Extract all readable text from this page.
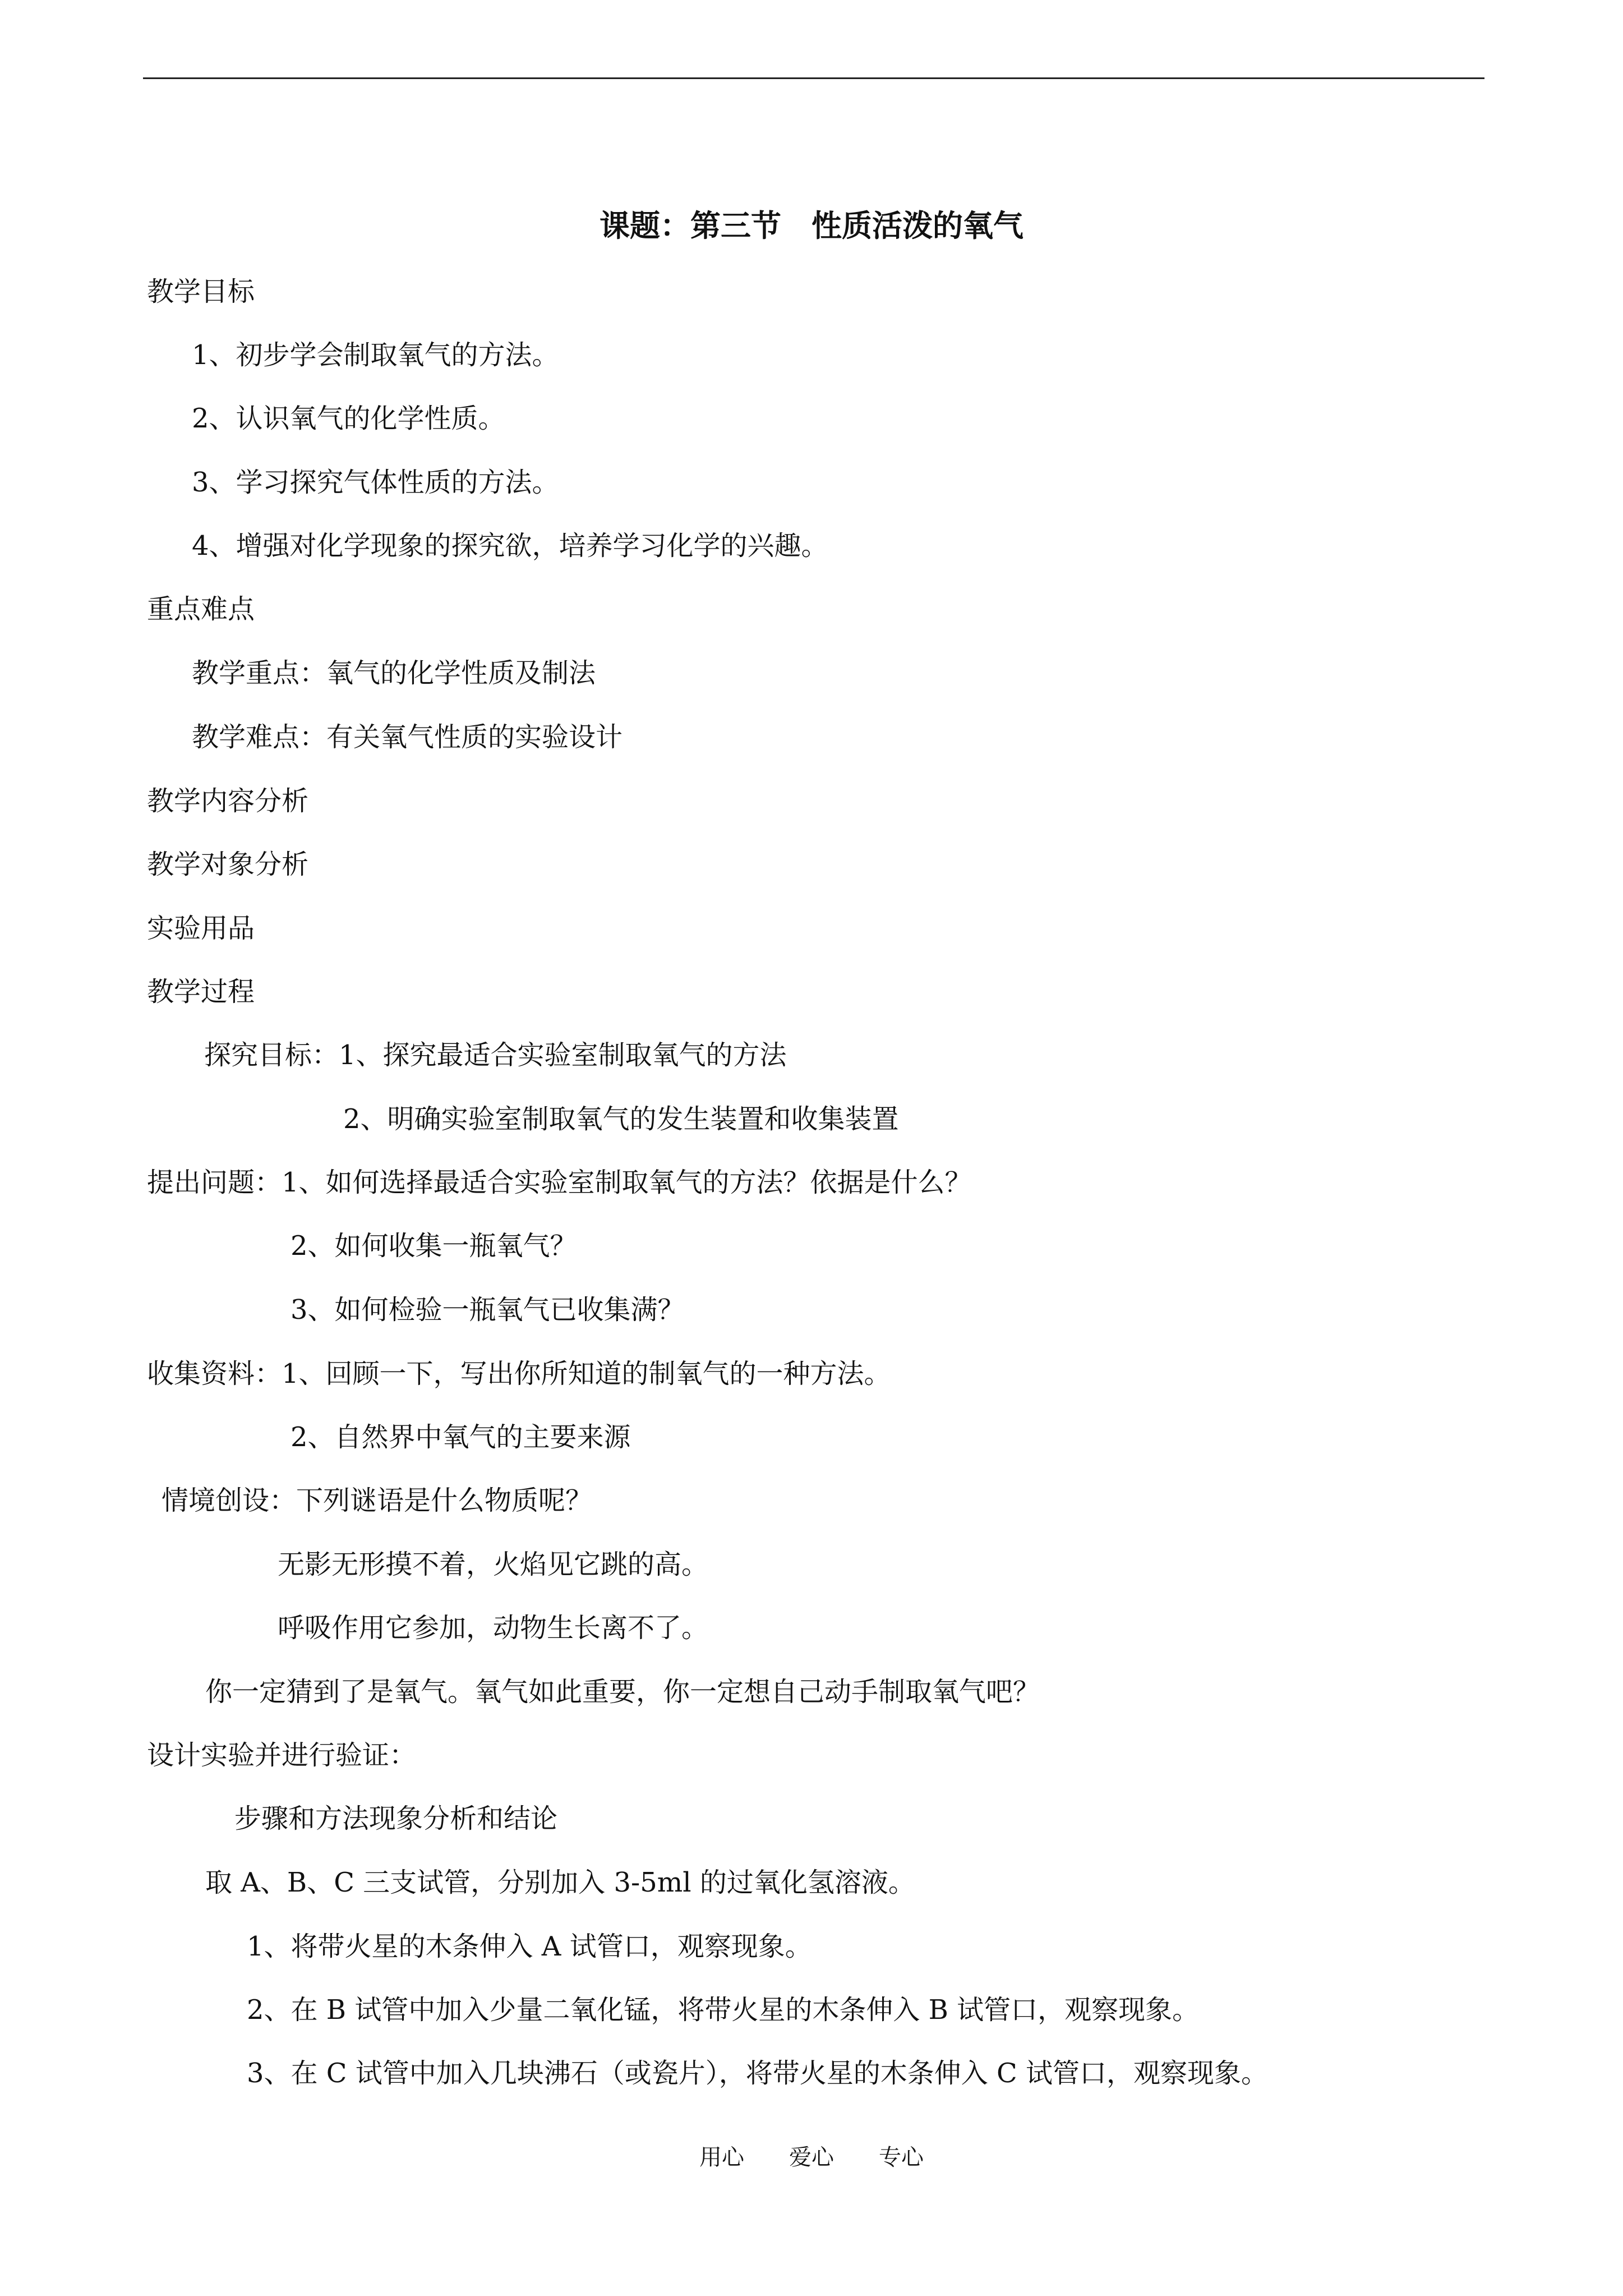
课题：第三节　性质活泼的氧气
教学目标
1、初步学会制取氧气的方法。
2、认识氧气的化学性质。
3、学习探究气体性质的方法。
4、增强对化学现象的探究欲，培养学习化学的兴趣。
重点难点
教学重点：氧气的化学性质及制法
教学难点：有关氧气性质的实验设计
教学内容分析
教学对象分析
实验用品
教学过程
探究目标：1、探究最适合实验室制取氧气的方法
2、明确实验室制取氧气的发生装置和收集装置
提出问题：1、如何选择最适合实验室制取氧气的方法？依据是什么？
2、如何收集一瓶氧气？
3、如何检验一瓶氧气已收集满？
收集资料：1、回顾一下，写出你所知道的制氧气的一种方法。
2、自然界中氧气的主要来源
情境创设：下列谜语是什么物质呢？
无影无形摸不着，火焰见它跳的高。
呼吸作用它参加，动物生长离不了。
你一定猜到了是氧气。氧气如此重要，你一定想自己动手制取氧气吧？
设计实验并进行验证：
步骤和方法现象分析和结论
取 A、B、C 三支试管，分别加入 3-5ml 的过氧化氢溶液。
1、将带火星的木条伸入 A 试管口，观察现象。
2、在 B 试管中加入少量二氧化锰，将带火星的木条伸入 B 试管口，观察现象。
3、在 C 试管中加入几块沸石（或瓷片），将带火星的木条伸入 C 试管口，观察现象。
用心　　爱心　　专心
